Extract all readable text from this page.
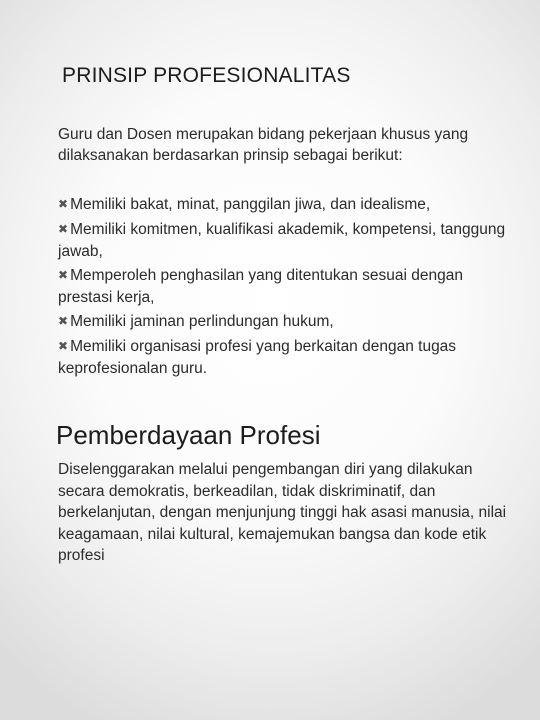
PRINSIP PROFESIONALITAS
Guru dan Dosen merupakan bidang pekerjaan khusus yang dilaksanakan berdasarkan prinsip sebagai berikut:
✖ Memiliki bakat, minat, panggilan jiwa, dan idealisme,
✖ Memiliki komitmen, kualifikasi akademik, kompetensi, tanggung jawab,
✖ Memperoleh penghasilan yang ditentukan sesuai dengan prestasi kerja,
✖ Memiliki jaminan perlindungan hukum,
✖ Memiliki organisasi profesi yang berkaitan dengan tugas keprofesionalan guru.
Pemberdayaan Profesi
Diselenggarakan melalui pengembangan diri yang dilakukan secara demokratis, berkeadilan, tidak diskriminatif, dan berkelanjutan, dengan menjunjung tinggi hak asasi manusia, nilai keagamaan, nilai kultural, kemajemukan bangsa dan kode etik profesi
